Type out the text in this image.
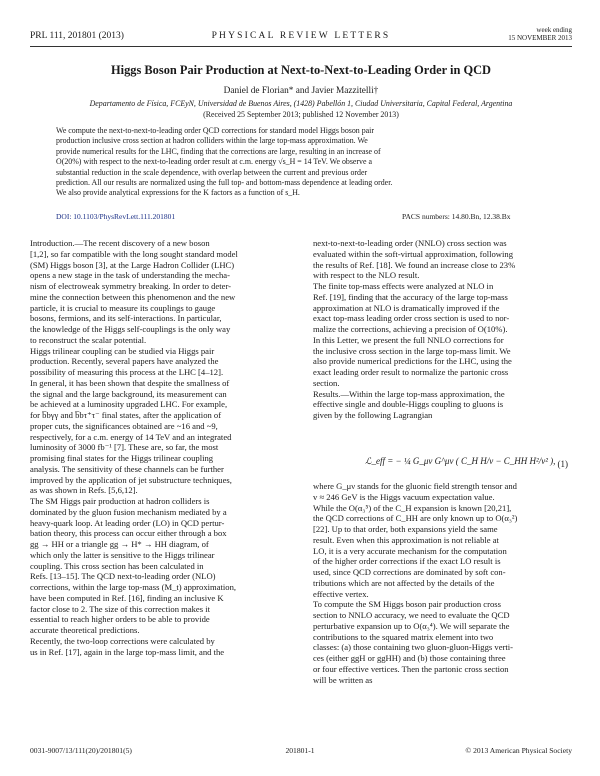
PRL 111, 201801 (2013)	PHYSICAL REVIEW LETTERS
week ending
15 NOVEMBER 2013
Higgs Boson Pair Production at Next-to-Next-to-Leading Order in QCD
Daniel de Florian* and Javier Mazzitelli†
Departamento de Física, FCEyN, Universidad de Buenos Aires, (1428) Pabellón 1, Ciudad Universitaria, Capital Federal, Argentina
(Received 25 September 2013; published 12 November 2013)
We compute the next-to-next-to-leading order QCD corrections for standard model Higgs boson pair
production inclusive cross section at hadron colliders within the large top-mass approximation. We
provide numerical results for the LHC, finding that the corrections are large, resulting in an increase of
O(20%) with respect to the next-to-leading order result at c.m. energy √s_H = 14 TeV. We observe a
substantial reduction in the scale dependence, with overlap between the current and previous order
prediction. All our results are normalized using the full top- and bottom-mass dependence at leading order.
We also provide analytical expressions for the K factors as a function of s_H.
DOI: 10.1103/PhysRevLett.111.201801	PACS numbers: 14.80.Bn, 12.38.Bx
Introduction.—The recent discovery of a new boson
[1,2], so far compatible with the long sought standard model
(SM) Higgs boson [3], at the Large Hadron Collider (LHC)
opens a new stage in the task of understanding the mecha-
nism of electroweak symmetry breaking. In order to deter-
mine the connection between this phenomenon and the new
particle, it is crucial to measure its couplings to gauge
bosons, fermions, and its self-interactions. In particular,
the knowledge of the Higgs self-couplings is the only way
to reconstruct the scalar potential.
Higgs trilinear coupling can be studied via Higgs pair
production. Recently, several papers have analyzed the
possibility of measuring this process at the LHC [4–12].
In general, it has been shown that despite the smallness of
the signal and the large background, its measurement can
be achieved at a luminosity upgraded LHC. For example,
for b̅bγγ and b̅bτ⁺τ⁻ final states, after the application of
proper cuts, the significances obtained are ~16 and ~9,
respectively, for a c.m. energy of 14 TeV and an integrated
luminosity of 3000 fb⁻¹ [7]. These are, so far, the most
promising final states for the Higgs trilinear coupling
analysis. The sensitivity of these channels can be further
improved by the application of jet substructure techniques,
as was shown in Refs. [5,6,12].
The SM Higgs pair production at hadron colliders is
dominated by the gluon fusion mechanism mediated by a
heavy-quark loop. At leading order (LO) in QCD pertur-
bation theory, this process can occur either through a box
gg → HH or a triangle gg → H* → HH diagram, of
which only the latter is sensitive to the Higgs trilinear
coupling. This cross section has been calculated in
Refs. [13–15]. The QCD next-to-leading order (NLO)
corrections, within the large top-mass (M_t) approximation,
have been computed in Ref. [16], finding an inclusive K
factor close to 2. The size of this correction makes it
essential to reach higher orders to be able to provide
accurate theoretical predictions.
Recently, the two-loop corrections were calculated by
us in Ref. [17], again in the large top-mass limit, and the
next-to-next-to-leading order (NNLO) cross section was
evaluated within the soft-virtual approximation, following
the results of Ref. [18]. We found an increase close to 23%
with respect to the NLO result.
The finite top-mass effects were analyzed at NLO in
Ref. [19], finding that the accuracy of the large top-mass
approximation at NLO is dramatically improved if the
exact top-mass leading order cross section is used to nor-
malize the corrections, achieving a precision of O(10%).
In this Letter, we present the full NNLO corrections for
the inclusive cross section in the large top-mass limit. We
also provide numerical predictions for the LHC, using the
exact leading order result to normalize the partonic cross
section.
Results.—Within the large top-mass approximation, the
effective single and double-Higgs coupling to gluons is
given by the following Lagrangian
ℒ_eff = − ¼ G_μν G^μν ( C_H H/v − C_HH H²/v² ), (1)
where G_μν stands for the gluonic field strength tensor and
v ≈ 246 GeV is the Higgs vacuum expectation value.
While the O(α₃⁵) of the C_H expansion is known [20,21],
the QCD corrections of C_HH are only known up to O(α₃²)
[22]. Up to that order, both expansions yield the same
result. Even when this approximation is not reliable at
LO, it is a very accurate mechanism for the computation
of the higher order corrections if the exact LO result is
used, since QCD corrections are dominated by soft con-
tributions which are not affected by the details of the
effective vertex.
To compute the SM Higgs boson pair production cross
section to NNLO accuracy, we need to evaluate the QCD
perturbative expansion up to O(α₃⁴). We will separate the
contributions to the squared matrix element into two
classes: (a) those containing two gluon-gluon-Higgs verti-
ces (either ggH or ggHH) and (b) those containing three
or four effective vertices. Then the partonic cross section
will be written as
0031-9007/13/111(20)/201801(5)	201801-1	© 2013 American Physical Society
